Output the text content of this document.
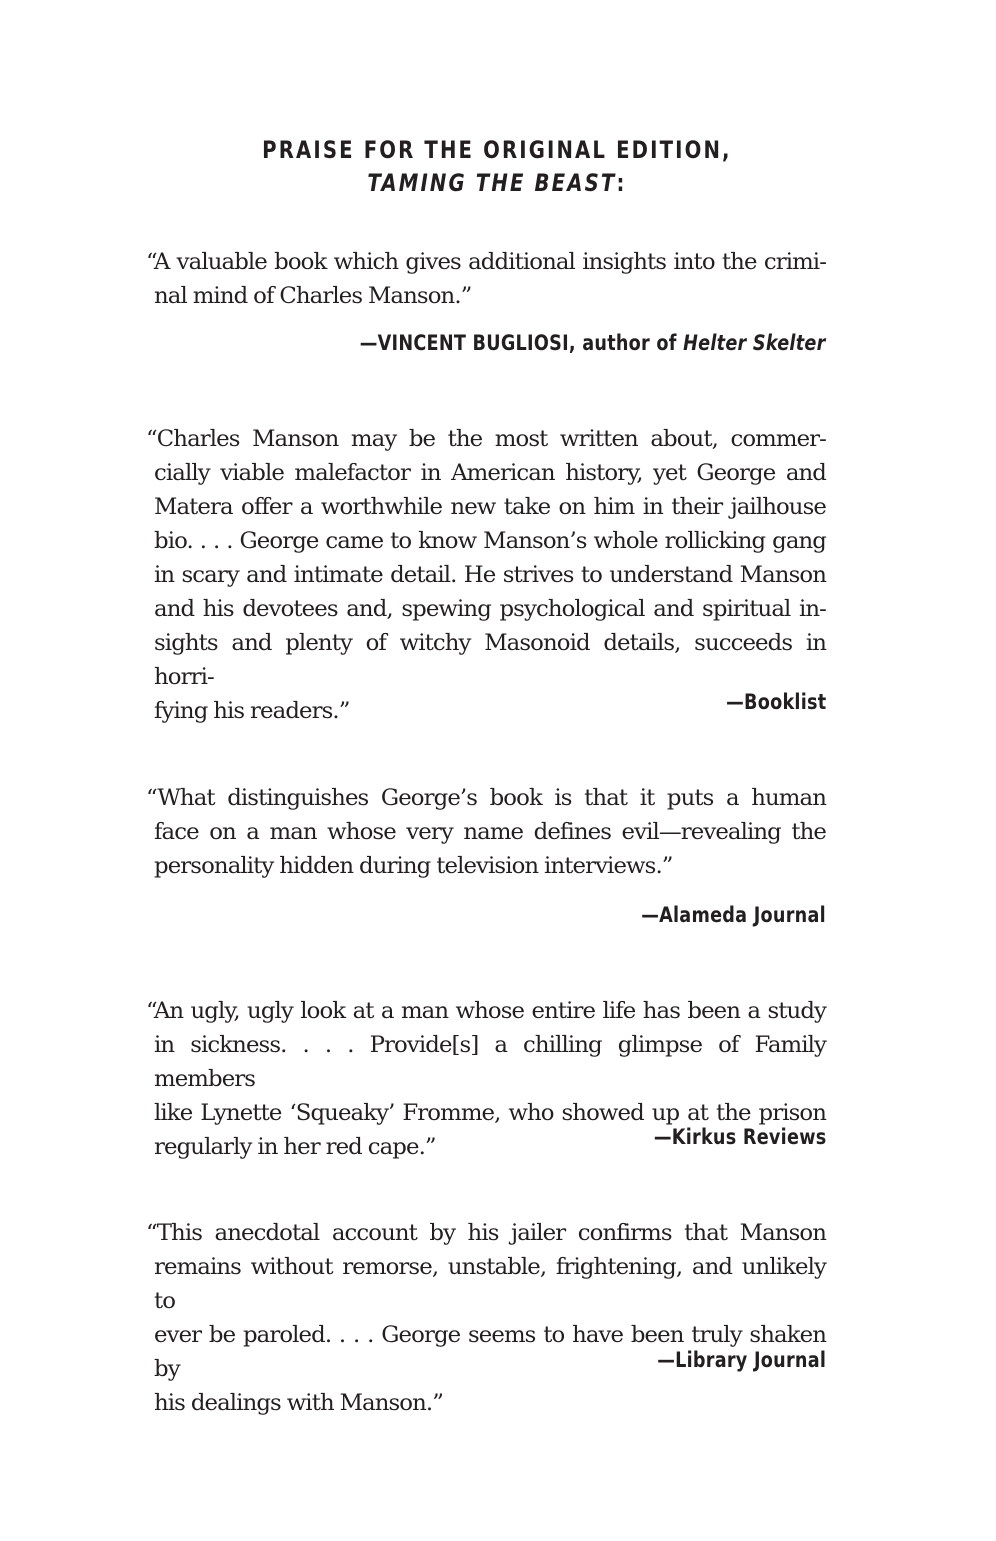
PRAISE FOR THE ORIGINAL EDITION,
TAMING THE BEAST:
“A valuable book which gives additional insights into the crimi-
nal mind of Charles Manson.”
—VINCENT BUGLIOSI, author of Helter Skelter
“Charles Manson may be the most written about, commer-
cially viable malefactor in American history, yet George and
Matera offer a worthwhile new take on him in their jailhouse
bio. . . . George came to know Manson’s whole rollicking gang
in scary and intimate detail. He strives to understand Manson
and his devotees and, spewing psychological and spiritual in-
sights and plenty of witchy Masonoid details, succeeds in horri-
fying his readers.”	—Booklist
“What distinguishes George’s book is that it puts a human
face on a man whose very name defines evil—revealing the
personality hidden during television interviews.”
—Alameda Journal
“An ugly, ugly look at a man whose entire life has been a study
in sickness. . . . Provide[s] a chilling glimpse of Family members
like Lynette ‘Squeaky’ Fromme, who showed up at the prison
regularly in her red cape.”	—Kirkus Reviews
“This anecdotal account by his jailer confirms that Manson
remains without remorse, unstable, frightening, and unlikely to
ever be paroled. . . . George seems to have been truly shaken by
his dealings with Manson.”
—Library Journal
